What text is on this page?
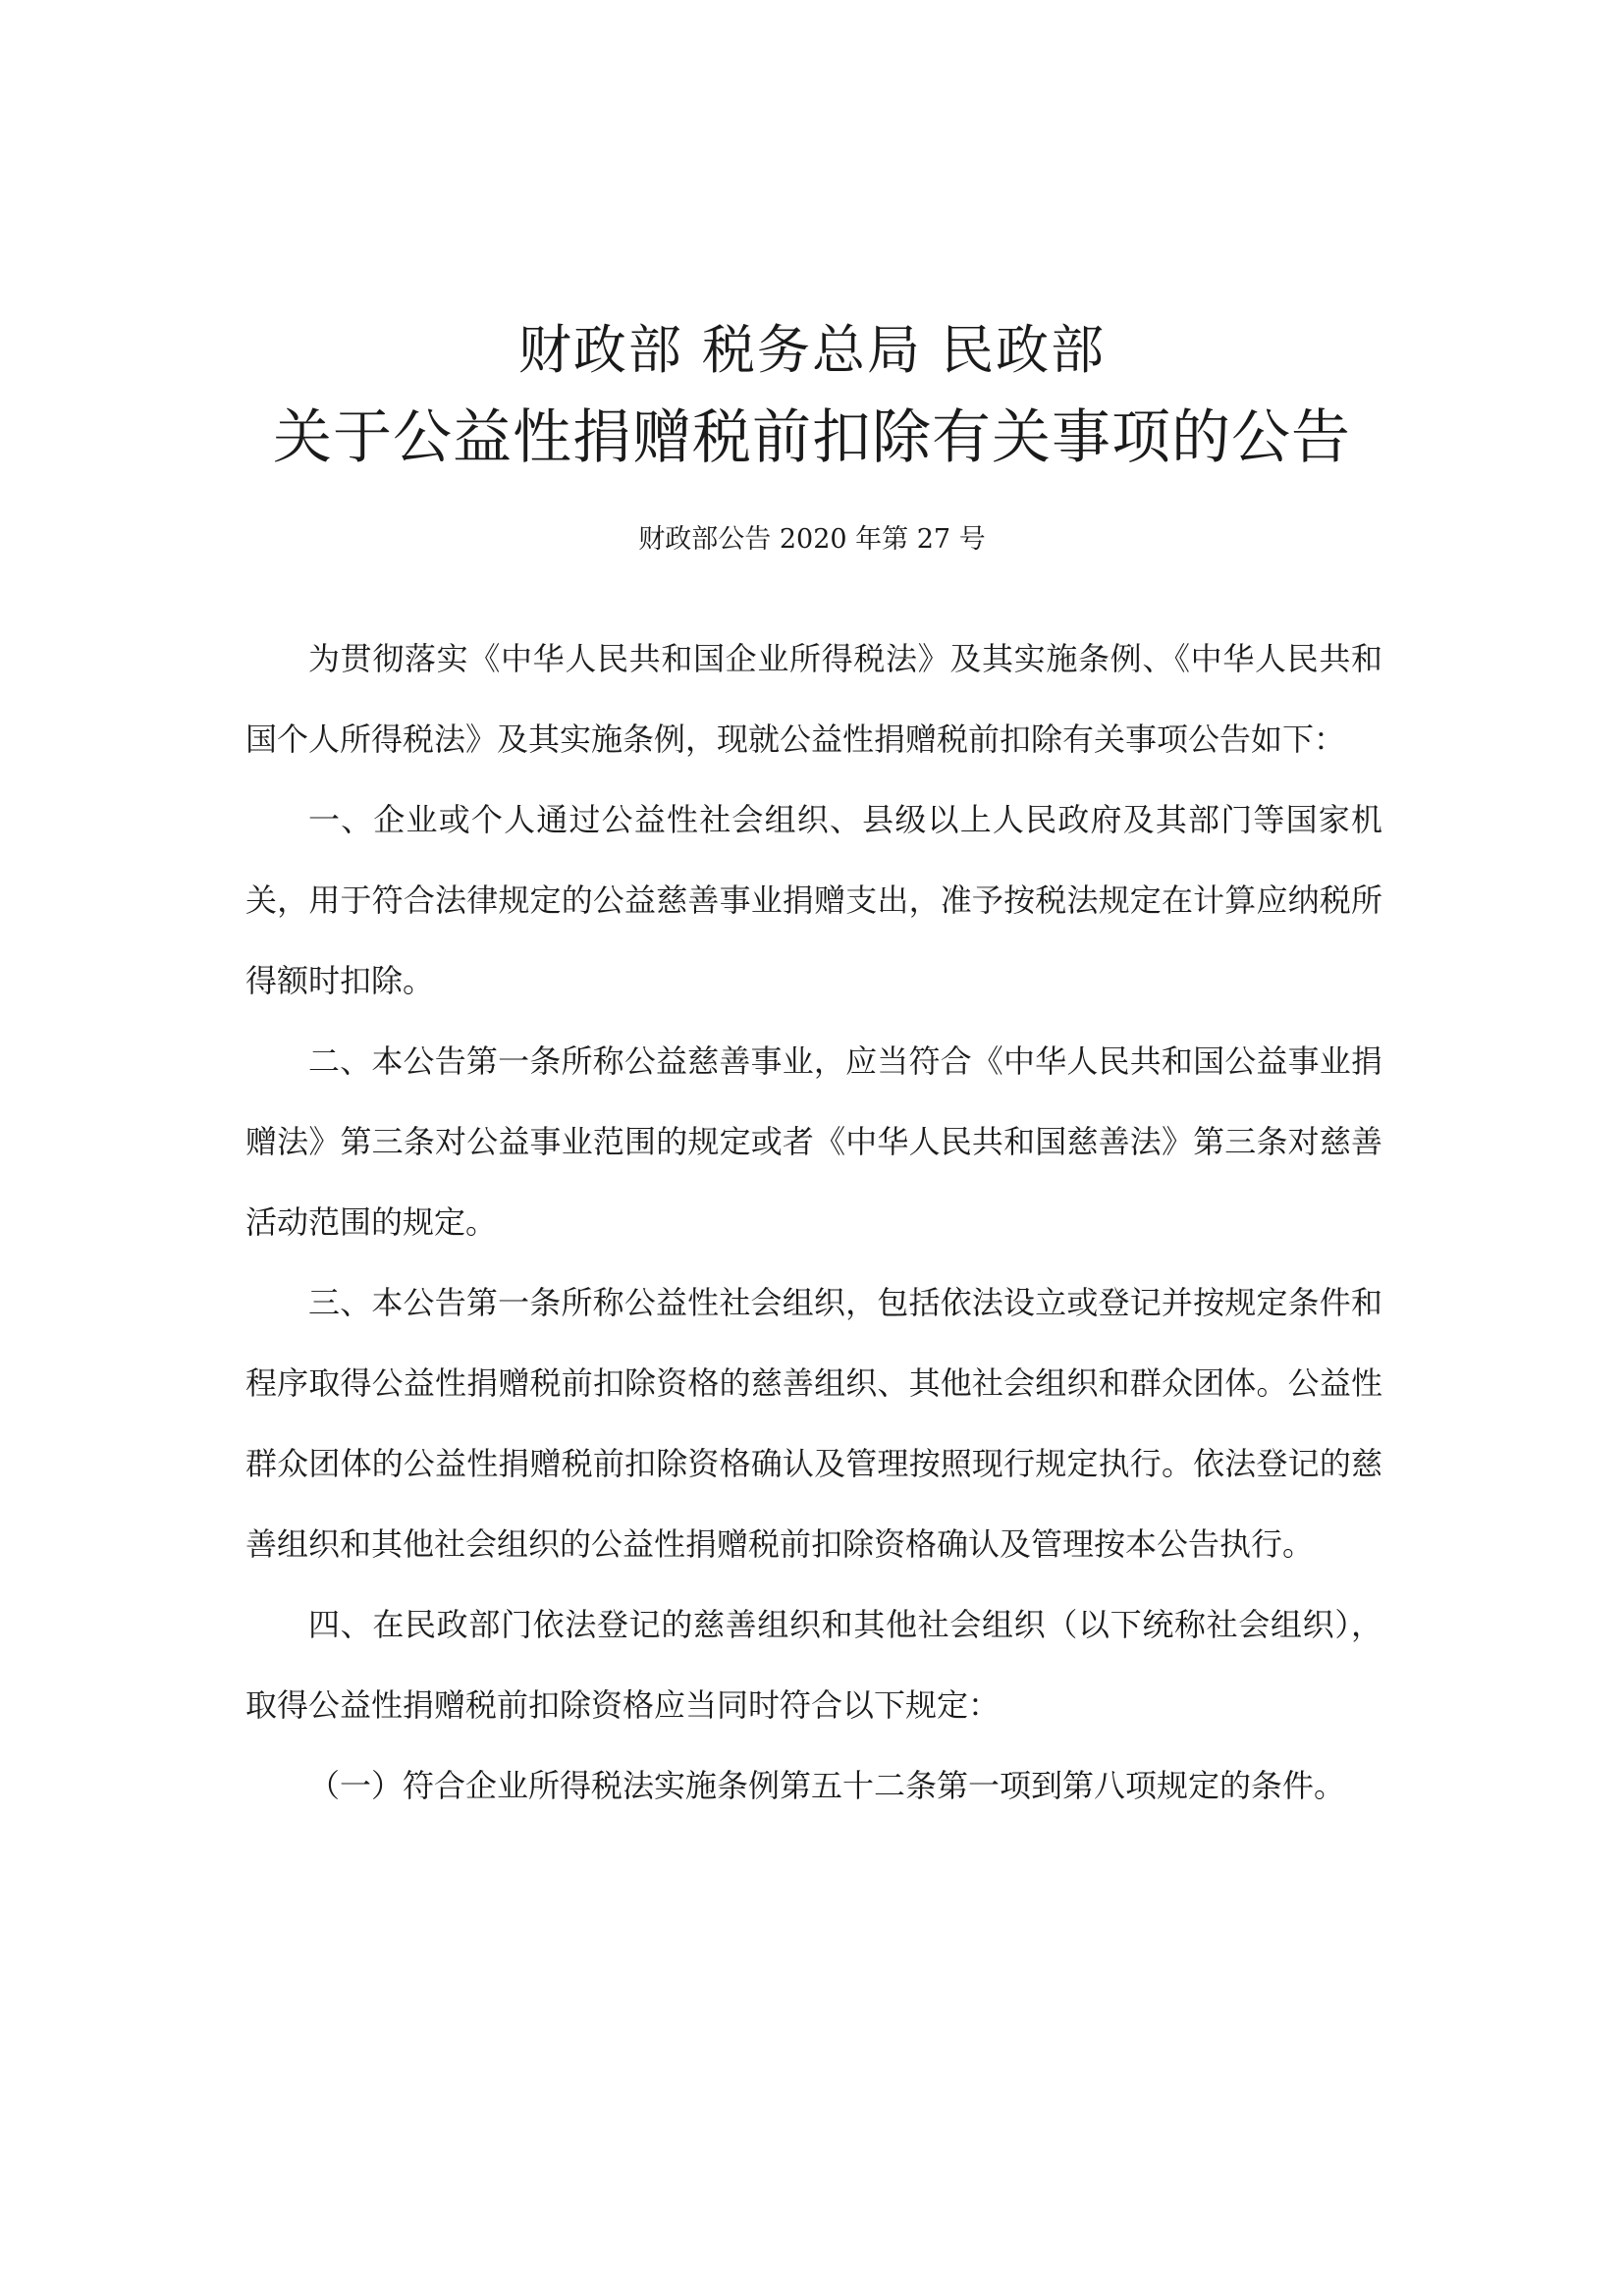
财政部 税务总局 民政部
关于公益性捐赠税前扣除有关事项的公告
财政部公告 2020 年第 27 号

为贯彻落实《中华人民共和国企业所得税法》及其实施条例、《中华人民共和国个人所得税法》及其实施条例，现就公益性捐赠税前扣除有关事项公告如下：

一、企业或个人通过公益性社会组织、县级以上人民政府及其部门等国家机关，用于符合法律规定的公益慈善事业捐赠支出，准予按税法规定在计算应纳税所得额时扣除。

二、本公告第一条所称公益慈善事业，应当符合《中华人民共和国公益事业捐赠法》第三条对公益事业范围的规定或者《中华人民共和国慈善法》第三条对慈善活动范围的规定。

三、本公告第一条所称公益性社会组织，包括依法设立或登记并按规定条件和程序取得公益性捐赠税前扣除资格的慈善组织、其他社会组织和群众团体。公益性群众团体的公益性捐赠税前扣除资格确认及管理按照现行规定执行。依法登记的慈善组织和其他社会组织的公益性捐赠税前扣除资格确认及管理按本公告执行。

四、在民政部门依法登记的慈善组织和其他社会组织（以下统称社会组织），取得公益性捐赠税前扣除资格应当同时符合以下规定：

（一）符合企业所得税法实施条例第五十二条第一项到第八项规定的条件。
